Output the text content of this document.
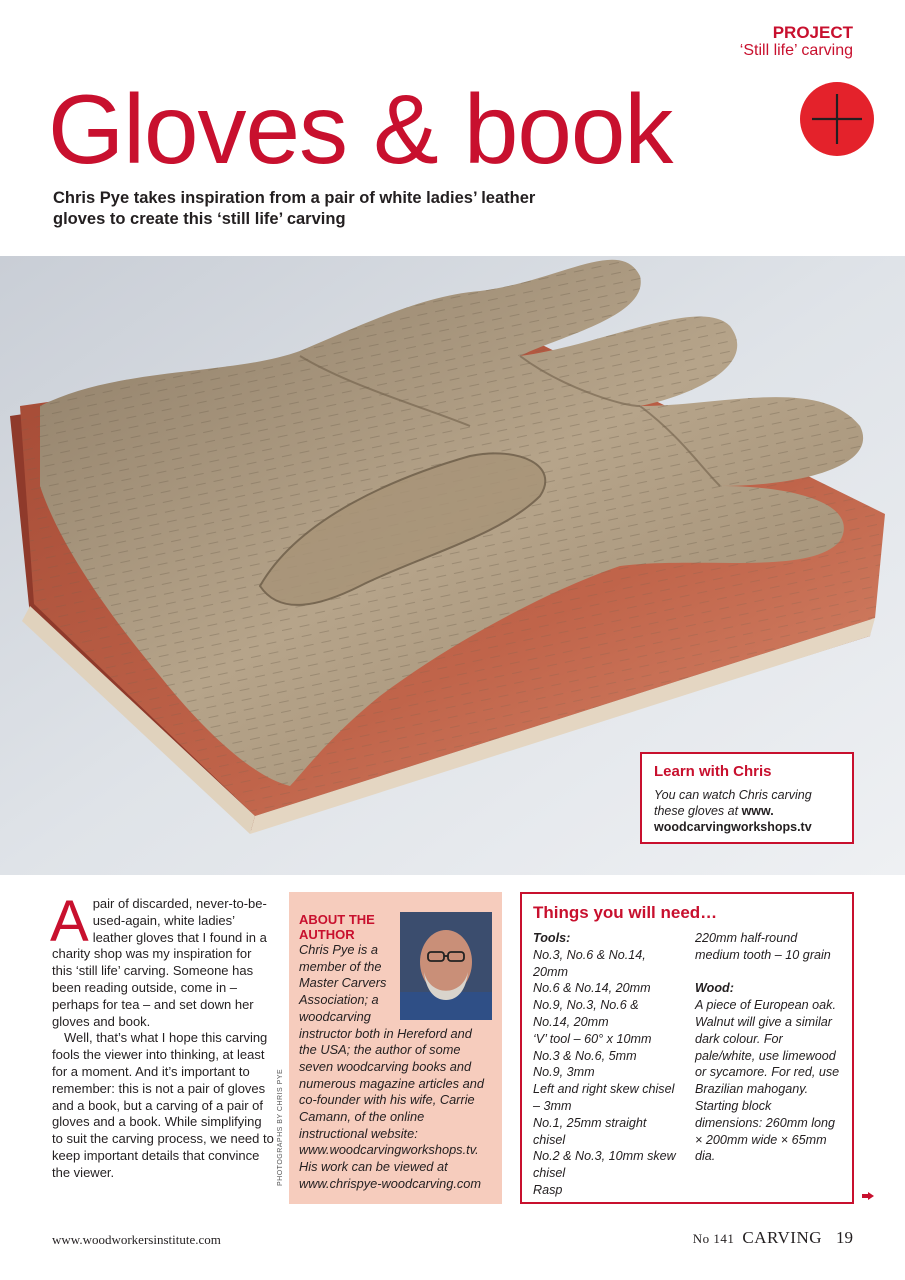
PROJECT
‘Still life’ carving
Gloves & book

Chris Pye takes inspiration from a pair of white ladies’ leather gloves to create this ‘still life’ carving

Learn with Chris
You can watch Chris carving these gloves at www.
woodcarvingworkshops.tv

A pair of discarded, never-to-be-used-again, white ladies’ leather gloves that I found in a charity shop was my inspiration for this ‘still life’ carving. Someone has been reading outside, come in – perhaps for tea – and set down her gloves and book.

Well, that’s what I hope this carving fools the viewer into thinking, at least for a moment. And it’s important to remember: this is not a pair of gloves and a book, but a carving of a pair of gloves and a book. While simplifying to suit the carving process, we need to keep important details that convince the viewer.	PHOTOGRAPHS BY CHRIS PYE
ABOUT THE AUTHOR
Chris Pye is a member of the Master Carvers Association; a woodcarving

instructor both in Hereford and the USA; the author of some seven woodcarving books and numerous magazine articles and co-founder with his wife, Carrie Camann, of the online instructional website: www.woodcarvingworkshops.tv. His work can be viewed at www.chrispye-woodcarving.com

Things you will need…
Tools:
No.3, No.6 & No.14, 20mm
No.6 & No.14, 20mm
No.9, No.3, No.6 & No.14, 20mm
‘V’ tool – 60° x 10mm
No.3 & No.6, 5mm
No.9, 3mm
Left and right skew chisel – 3mm
No.1, 25mm straight chisel
No.2 & No.3, 10mm skew chisel
Rasp
220mm half-round medium tooth – 10 grain
Wood:
A piece of European oak. Walnut will give a similar dark colour. For pale/white, use limewood or sycamore. For red, use Brazilian mahogany. Starting block dimensions: 260mm long × 200mm wide × 65mm dia.
www.woodworkersinstitute.com	No 141 CARVING 19
